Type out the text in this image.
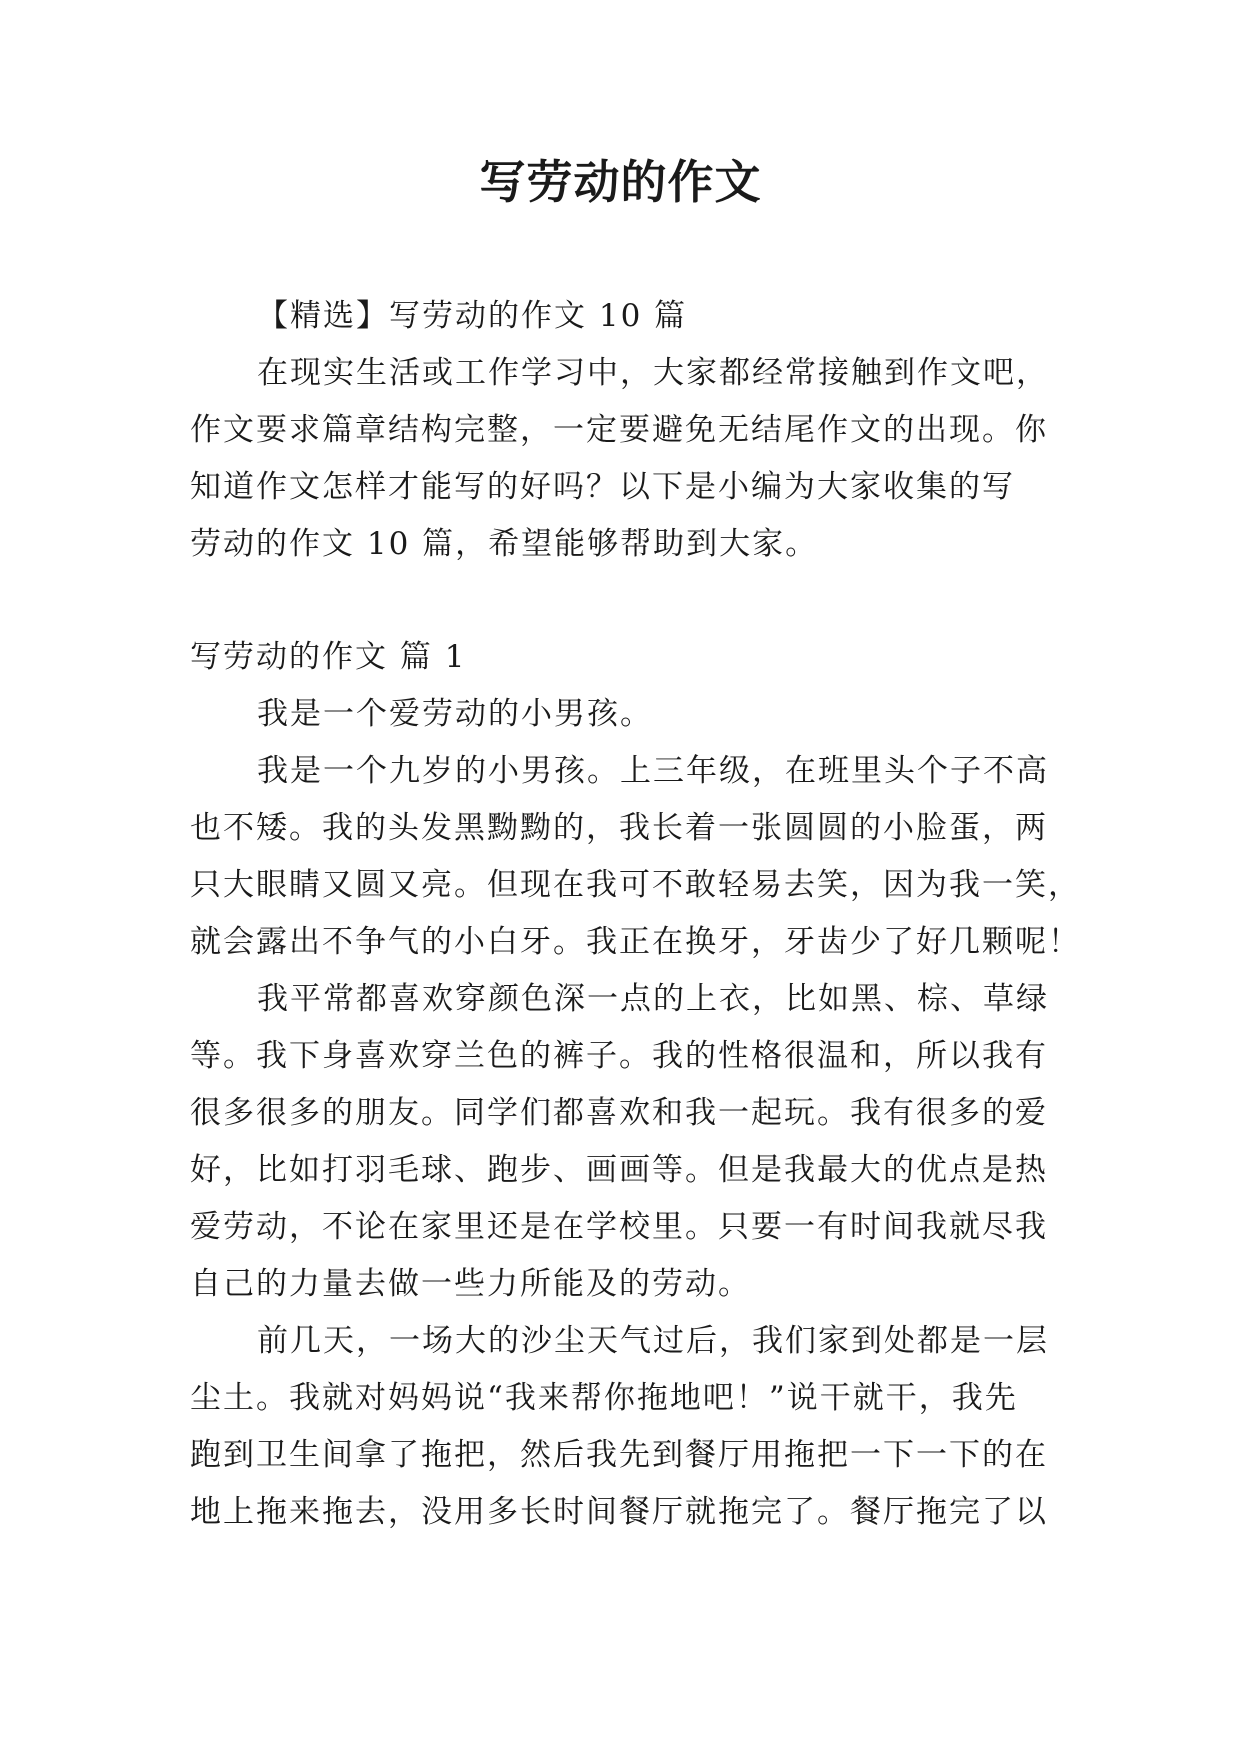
写劳动的作文
【精选】写劳动的作文 10 篇
在现实生活或工作学习中，大家都经常接触到作文吧，
作文要求篇章结构完整，一定要避免无结尾作文的出现。你
知道作文怎样才能写的好吗？以下是小编为大家收集的写
劳动的作文 10 篇，希望能够帮助到大家。
写劳动的作文 篇 1
我是一个爱劳动的小男孩。
我是一个九岁的小男孩。上三年级，在班里头个子不高
也不矮。我的头发黑黝黝的，我长着一张圆圆的小脸蛋，两
只大眼睛又圆又亮。但现在我可不敢轻易去笑，因为我一笑，
就会露出不争气的小白牙。我正在换牙，牙齿少了好几颗呢！
我平常都喜欢穿颜色深一点的上衣，比如黑、棕、草绿
等。我下身喜欢穿兰色的裤子。我的性格很温和，所以我有
很多很多的朋友。同学们都喜欢和我一起玩。我有很多的爱
好，比如打羽毛球、跑步、画画等。但是我最大的优点是热
爱劳动，不论在家里还是在学校里。只要一有时间我就尽我
自己的力量去做一些力所能及的劳动。
前几天，一场大的沙尘天气过后，我们家到处都是一层
尘土。我就对妈妈说“我来帮你拖地吧！”说干就干，我先
跑到卫生间拿了拖把，然后我先到餐厅用拖把一下一下的在
地上拖来拖去，没用多长时间餐厅就拖完了。餐厅拖完了以
